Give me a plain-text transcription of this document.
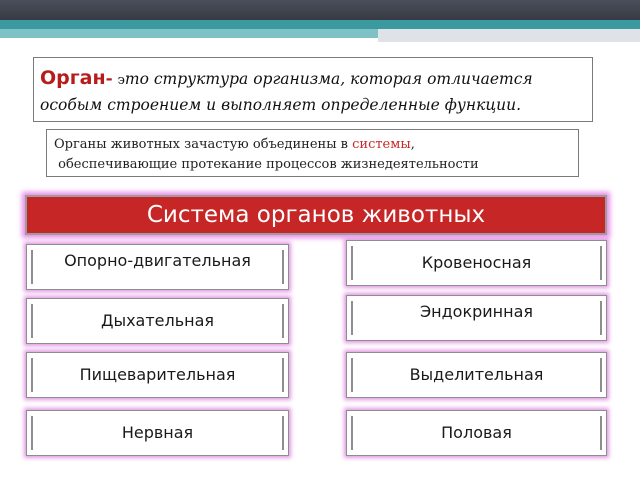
Орган- это структура организма, которая отличается
особым строением и выполняет определенные функции.
Органы животных зачастую объединены в системы,
обеспечивающие протекание процессов жизнедеятельности
Система органов животных
Опорно-двигательная
Дыхательная
Пищеварительная
Нервная
Кровеносная
Эндокринная
Выделительная
Половая
